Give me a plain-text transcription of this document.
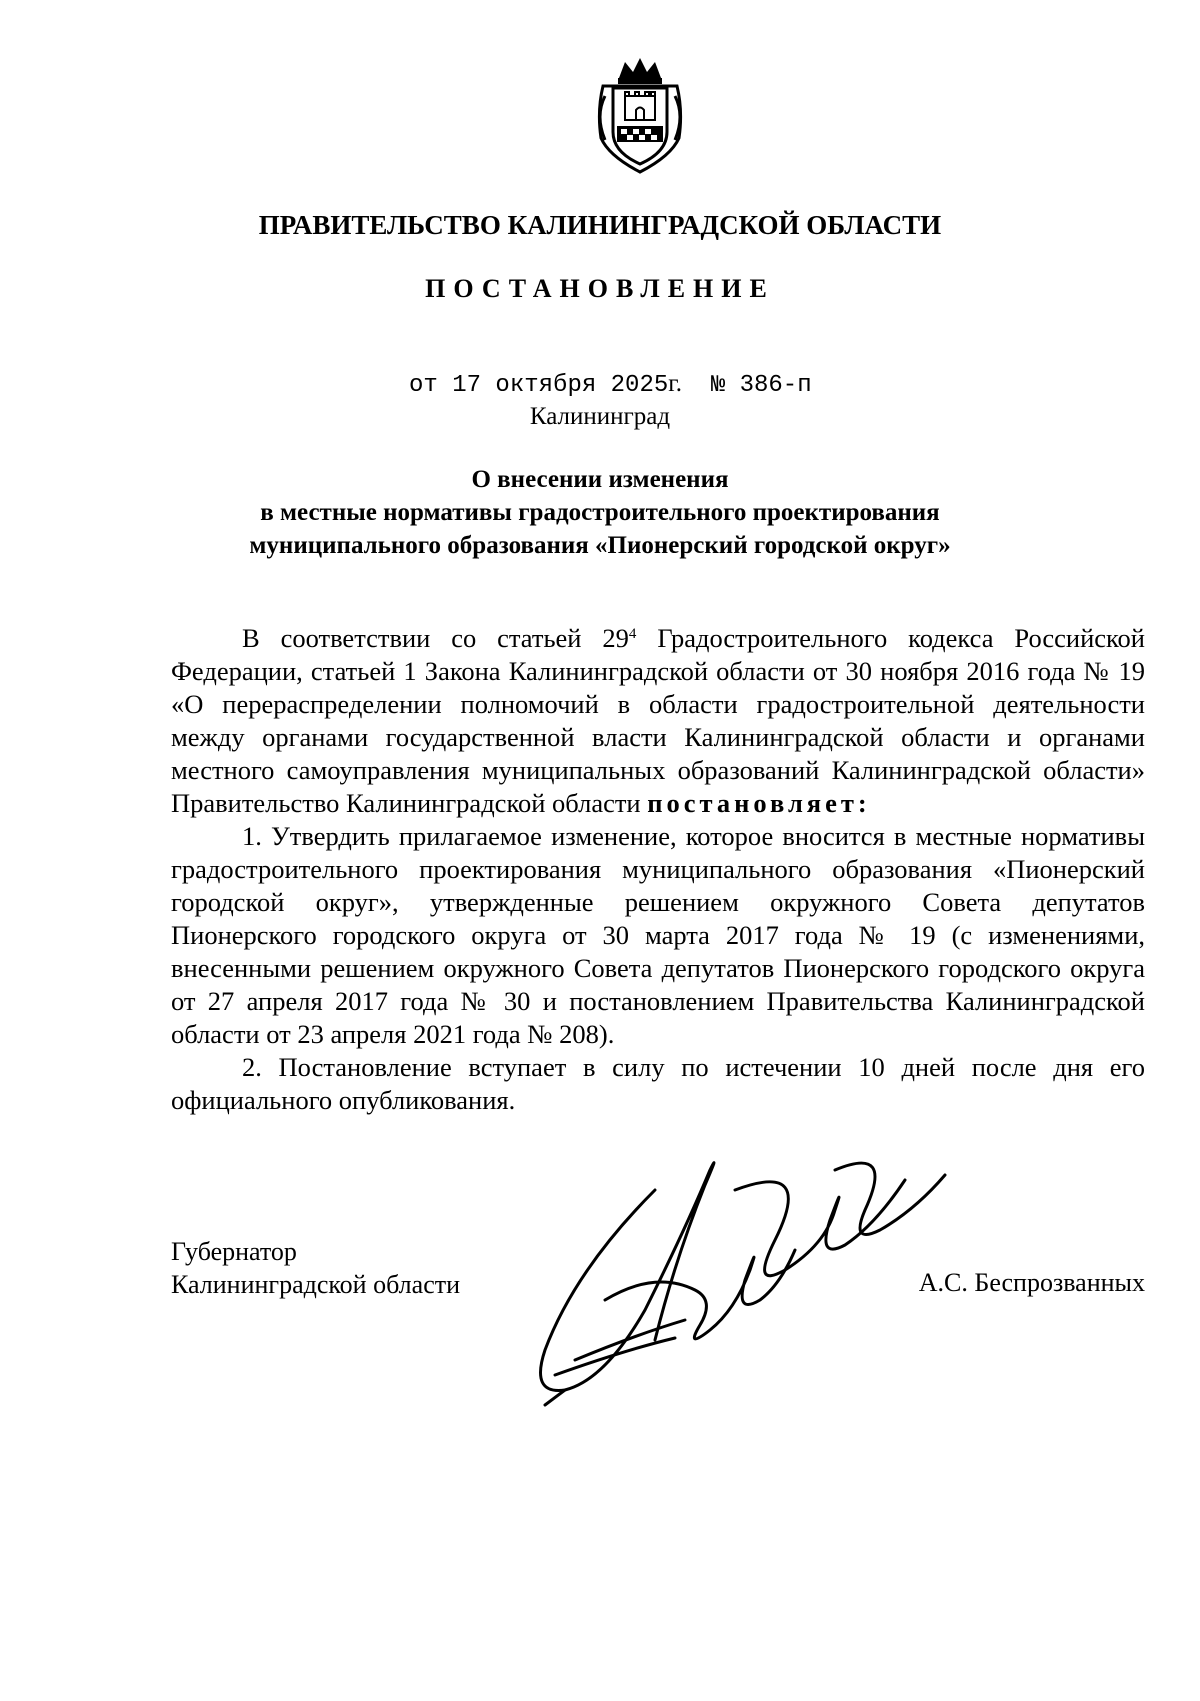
ПРАВИТЕЛЬСТВО КАЛИНИНГРАДСКОЙ ОБЛАСТИ
ПОСТАНОВЛЕНИЕ
от 17 октября 2025г. № 386-п
Калининград
О внесении изменения
в местные нормативы градостроительного проектирования
муниципального образования «Пионерский городской округ»

В соответствии со статьей $29^4$ Градостроительного кодекса Российской Федерации, статьей 1 Закона Калининградской области от 30 ноября 2016 года № 19 «О перераспределении полномочий в области градостроительной деятельности между органами государственной власти Калининградской области и органами местного самоуправления муниципальных образований Калининградской области» Правительство Калининградской области постановляет:

1. Утвердить прилагаемое изменение, которое вносится в местные нормативы градостроительного проектирования муниципального образования «Пионерский городской округ», утвержденные решением окружного Совета депутатов Пионерского городского округа от 30 марта 2017 года № 19 (с изменениями, внесенными решением окружного Совета депутатов Пионерского городского округа от 27 апреля 2017 года № 30 и постановлением Правительства Калининградской области от 23 апреля 2021 года № 208).

2. Постановление вступает в силу по истечении 10 дней после дня его официального опубликования.

Губернатор
Калининградской области	А.С. Беспрозванных
